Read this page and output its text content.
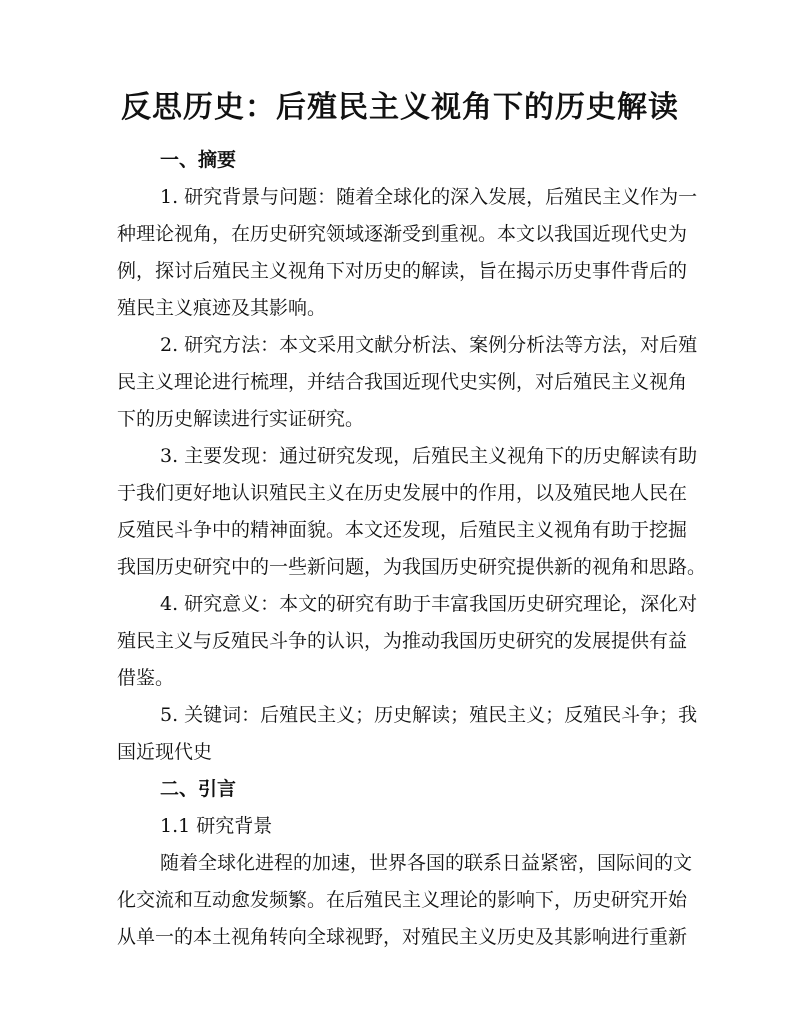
反思历史：后殖民主义视角下的历史解读
一、摘要
1. 研究背景与问题：随着全球化的深入发展，后殖民主义作为一
种理论视角，在历史研究领域逐渐受到重视。本文以我国近现代史为
例，探讨后殖民主义视角下对历史的解读，旨在揭示历史事件背后的
殖民主义痕迹及其影响。
2. 研究方法：本文采用文献分析法、案例分析法等方法，对后殖
民主义理论进行梳理，并结合我国近现代史实例，对后殖民主义视角
下的历史解读进行实证研究。
3. 主要发现：通过研究发现，后殖民主义视角下的历史解读有助
于我们更好地认识殖民主义在历史发展中的作用，以及殖民地人民在
反殖民斗争中的精神面貌。本文还发现，后殖民主义视角有助于挖掘
我国历史研究中的一些新问题，为我国历史研究提供新的视角和思路。
4. 研究意义：本文的研究有助于丰富我国历史研究理论，深化对
殖民主义与反殖民斗争的认识，为推动我国历史研究的发展提供有益
借鉴。
5. 关键词：后殖民主义；历史解读；殖民主义；反殖民斗争；我
国近现代史
二、引言
1.1 研究背景
随着全球化进程的加速，世界各国的联系日益紧密，国际间的文
化交流和互动愈发频繁。在后殖民主义理论的影响下，历史研究开始
从单一的本土视角转向全球视野，对殖民主义历史及其影响进行重新
